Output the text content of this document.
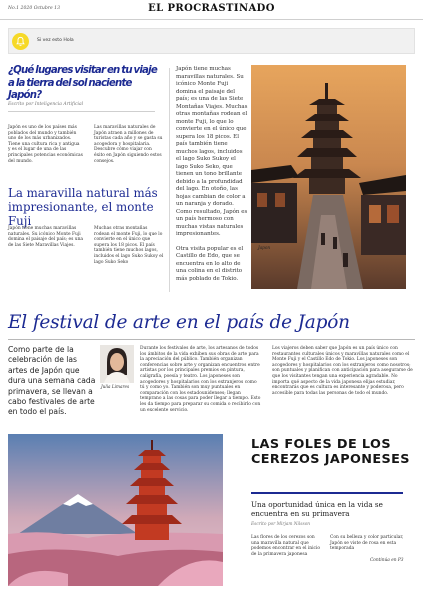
No.1 2020 Octubre 13	EL PROCRASTINADO
Si vez esto Hola
¿Qué lugares visitar en tu viaje a la tierra del sol naciente Japón?
Escrito por Inteligencia Artificial
Japón es uno de los países más poblados del mundo y también uno de los más urbanizados. Tiene una cultura rica y antigua y es el lugar de una de las principales potencias económicas del mundo.
Las maravillas naturales de Japón atraen a millones de turistas cada año y se gasta su acogedora y hospitalaria. Descubre cómo viajar con éxito en Japón siguiendo estos consejos.
La maravilla natural más impresionante, el monte Fuji
Japón tiene muchas maravillas naturales. Su icónico Monte Fuji domina el paisaje del país; es una de las Siete Maravillas Viajes.
Muchas otras montañas rodean el monte Fuji, lo que lo convierte en el único que supera los 18 picos. El país también tiene muchos lagos, incluidos el lago Suko Sukoy el lago Suko Seko

Japón tiene muchas maravillas naturales. Su icónico Monte Fuji domina el paisaje del país; es una de las Siete Montañas Viajes. Muchas otras montañas rodean el monte Fuji, lo que lo convierte en el único que supera los 18 picos. El país también tiene muchos lagos, incluidos el lago Suko Sukoy el lago Suko Seko, que tienen un tono brillante debido a la profundidad del lago. En otoño, las hojas cambian de color a un naranja y dorado. Como resultado, Japón es un país hermoso con muchas vistas naturales impresionantes.

Otra visita popular es el Castillo de Edo, que se encuentra en lo alto de una colina en el distrito más poblado de Tokio.

Japon
El festival de arte en el país de Japón
Como parte de la celebración de las artes de Japón que dura una semana cada primavera, se llevan a cabo festivales de arte en todo el país.
Julia Limares
Durante los festivales de arte, los artesanos de todos los ámbitos de la vida exhiben sus obras de arte para la apreciación del público. También organizan conferencias sobre arte y organizan encuentros entre artistas por los principales premios en pintura, caligrafía, poesía y teatro. Los japoneses son acogedores y hospitalarios con los extranjeros como tú y como yo. También son muy puntuales en comparación con los estadounidenses; llegan temprano a las cosas para poder llegar a tiempo. Esto les da tiempo para preparar su comida o recibirlo con un excelente servicio.
Los viajeros deben saber que Japón es un país único con restaurantes culturales únicos y maravillas naturales como el Monte Fuji y el Castillo Edo de Tokio. Los japoneses son acogedores y hospitalarios con los extranjeros como nosotros; son puntuales y planifican con anticipación para asegurarse de que los visitantes tengan una experiencia agradable. No importa qué aspecto de la vida japonesa elijas estudiar, encontrarás que es cultura es interesante y poderosa, pero accesible para todas las personas de todo el mundo.
LAS FOLES DE LOS CEREZOS JAPONESES
Una oportunidad única en la vida se encuentra en su primavera
Escrito por Mirjam Nilsson
Las flores de los cerezos son una maravilla natural que podemos encontrar en el inicio de la primavera japonesa
Con su belleza y color particular, Japón se viste de rosa en esta temporada
Continúa en P3
